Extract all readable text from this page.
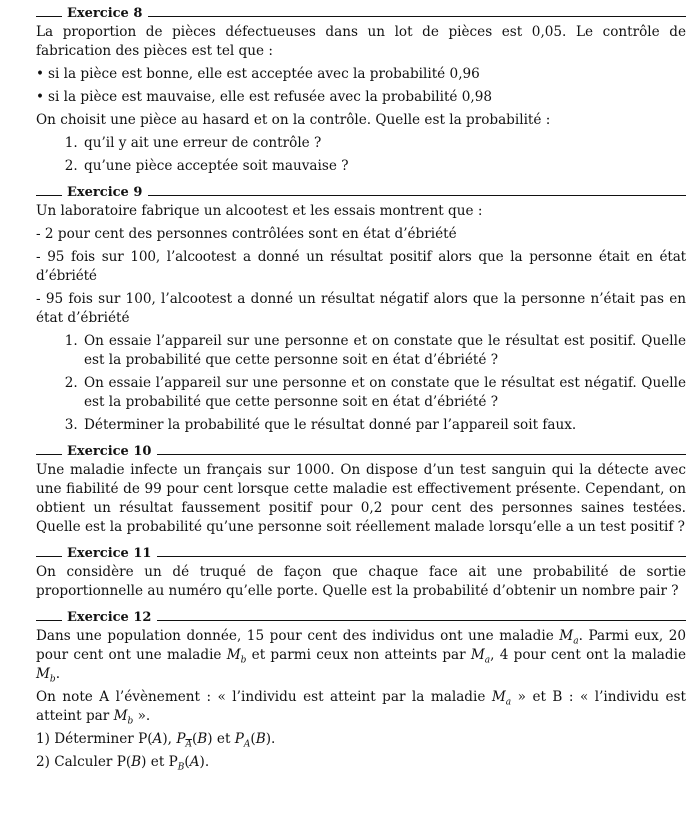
Exercice 8

La proportion de pièces défectueuses dans un lot de pièces est 0,05. Le contrôle de fabrication des pièces est tel que :

• si la pièce est bonne, elle est acceptée avec la probabilité 0,96
• si la pièce est mauvaise, elle est refusée avec la probabilité 0,98

On choisit une pièce au hasard et on la contrôle. Quelle est la probabilité :

1. qu’il y ait une erreur de contrôle ?
2. qu’une pièce acceptée soit mauvaise ?
Exercice 9

Un laboratoire fabrique un alcootest et les essais montrent que :

- 2 pour cent des personnes contrôlées sont en état d’ébriété

- 95 fois sur 100, l’alcootest a donné un résultat positif alors que la personne était en état d’ébriété

- 95 fois sur 100, l’alcootest a donné un résultat négatif alors que la personne n’était pas en état d’ébriété

1. On essaie l’appareil sur une personne et on constate que le résultat est positif. Quelle est la probabilité que cette personne soit en état d’ébriété ?
2. On essaie l’appareil sur une personne et on constate que le résultat est négatif. Quelle est la probabilité que cette personne soit en état d’ébriété ?
3. Déterminer la probabilité que le résultat donné par l’appareil soit faux.
Exercice 10

Une maladie infecte un français sur 1000. On dispose d’un test sanguin qui la détecte avec une fiabilité de 99 pour cent lorsque cette maladie est effectivement présente. Cependant, on obtient un résultat faussement positif pour 0,2 pour cent des personnes saines testées. Quelle est la probabilité qu’une personne soit réellement malade lorsqu’elle a un test positif ?

Exercice 11

On considère un dé truqué de façon que chaque face ait une probabilité de sortie proportionnelle au numéro qu’elle porte. Quelle est la probabilité d’obtenir un nombre pair ?

Exercice 12

Dans une population donnée, 15 pour cent des individus ont une maladie $M_a$. Parmi eux, 20 pour cent ont une maladie $M_b$ et parmi ceux non atteints par $M_a$, 4 pour cent ont la maladie $M_b$.

On note A l’évènement : « l’individu est atteint par la maladie $M_a$ » et B : « l’individu est atteint par $M_b$ ».

1) Déterminer P(A), $P_{\overline{A}}(B)$ et $P_A(B)$.

2) Calculer P(B) et $P_B(A)$.
